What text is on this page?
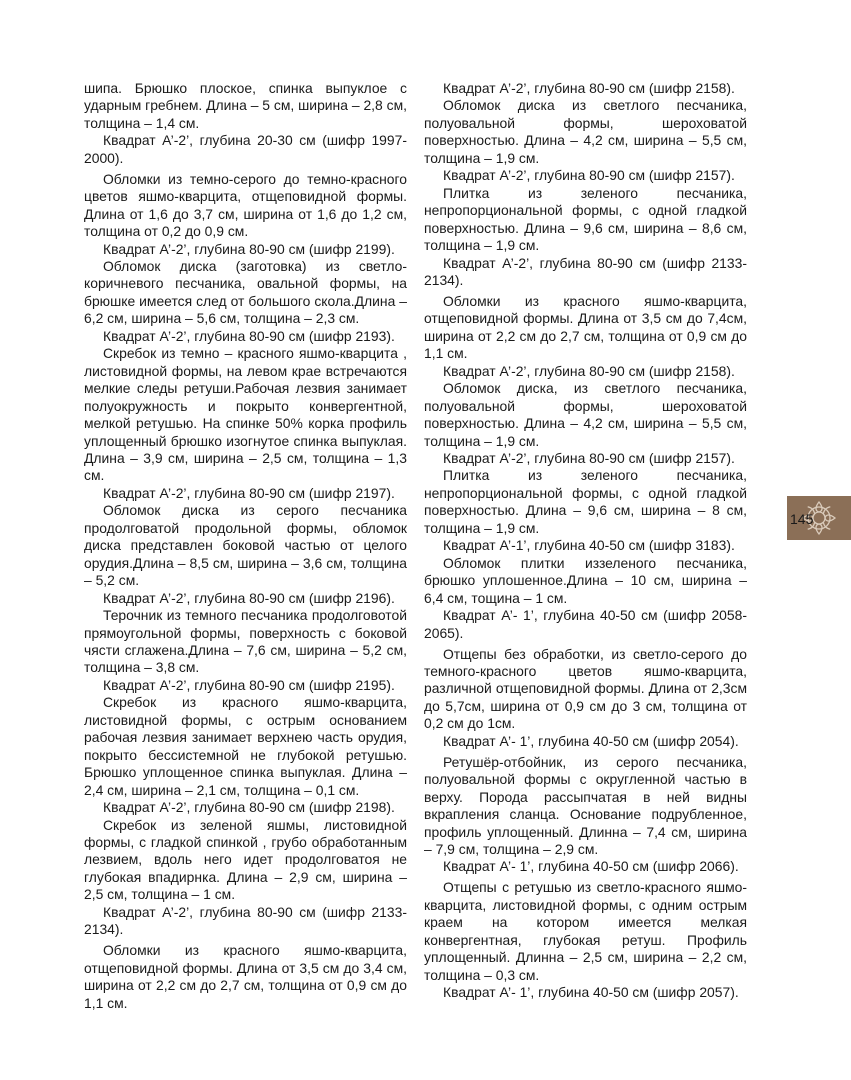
шипа. Брюшко плоское, спинка выпуклое с ударным гребнем. Длина – 5 см, ширина – 2,8 см, толщина – 1,4 см.

Квадрат А’-2’, глубина 20-30 см (шифр 1997-2000).

Обломки из темно-серого до темно-красного цветов яшмо-кварцита, отщеповидной формы. Длина от 1,6 до 3,7 см, ширина от 1,6 до 1,2 см, толщина от 0,2 до 0,9 см.

Квадрат А’-2’, глубина 80-90 см (шифр 2199).

Обломок диска (заготовка) из светло-коричневого песчаника, овальной формы, на брюшке имеется след от большого скола.Длина – 6,2 см, ширина – 5,6 см, толщина – 2,3 см.

Квадрат А’-2’, глубина 80-90 см (шифр 2193).

Скребок из темно – красного яшмо-кварцита , листовидной формы, на левом крае встречаются мелкие следы ретуши.Рабочая лезвия занимает полуокружность и покрыто конвергентной, мелкой ретушью. На спинке 50% корка профиль уплощенный брюшко изогнутое спинка выпуклая. Длина – 3,9 см, ширина – 2,5 см, толщина – 1,3 см.

Квадрат А’-2’, глубина 80-90 см (шифр 2197).

Обломок диска из серого песчаника продолговатой продольной формы, обломок диска представлен боковой частью от целого орудия.Длина – 8,5 см, ширина – 3,6 см, толщина – 5,2 см.

Квадрат А’-2’, глубина 80-90 см (шифр 2196).

Терочник из темного песчаника продолговотой прямоугольной формы, поверхность с боковой чясти сглажена.Длина – 7,6 см, ширина – 5,2 см, толщина – 3,8 см.

Квадрат А’-2’, глубина 80-90 см (шифр 2195).

Скребок из красного яшмо-кварцита, листовидной формы, с острым основанием рабочая лезвия занимает верхнею часть орудия, покрыто бессистемной не глубокой ретушью. Брюшко уплощенное спинка выпуклая. Длина – 2,4 см, ширина – 2,1 см, толщина – 0,1 см.

Квадрат А’-2’, глубина 80-90 см (шифр 2198).

Скребок из зеленой яшмы, листовидной формы, с гладкой спинкой , грубо обработанным лезвием, вдоль него идет продолговатоя не глубокая впадирнка. Длина – 2,9 см, ширина – 2,5 см, толщина – 1 см.

Квадрат А’-2’, глубина 80-90 см (шифр 2133-2134).

Обломки из красного яшмо-кварцита, отщеповидной формы. Длина от 3,5 см до 3,4 см, ширина от 2,2 см до 2,7 см, толщина от 0,9 см до 1,1 см.

Квадрат А’-2’, глубина 80-90 см (шифр 2158).

Обломок диска из светлого песчаника, полуовальной формы, шероховатой поверхностью. Длина – 4,2 см, ширина – 5,5 см, толщина – 1,9 см.

Квадрат А’-2’, глубина 80-90 см (шифр 2157).

Плитка из зеленого песчаника, непропорциональной формы, с одной гладкой поверхностью. Длина – 9,6 см, ширина – 8,6 см, толщина – 1,9 см.

Квадрат А’-2’, глубина 80-90 см (шифр 2133-2134).

Обломки из красного яшмо-кварцита, отщеповидной формы. Длина от 3,5 см до 7,4см, ширина от 2,2 см до 2,7 см, толщина от 0,9 см до 1,1 см.

Квадрат А’-2’, глубина 80-90 см (шифр 2158).

Обломок диска, из светлого песчаника, полуовальной формы, шероховатой поверхностью. Длина – 4,2 см, ширина – 5,5 см, толщина – 1,9 см.

Квадрат А’-2’, глубина 80-90 см (шифр 2157).

Плитка из зеленого песчаника, непропорциональной формы, с одной гладкой поверхностью. Длина – 9,6 см, ширина – 8 см, толщина – 1,9 см.

Квадрат А’-1’, глубина 40-50 см (шифр 3183).

Обломок плитки иззеленого песчаника, брюшко уплошенное.Длина – 10 см, ширина – 6,4 см, тощина – 1 см.

Квадрат А’- 1’, глубина 40-50 см (шифр 2058-2065).

Отщепы без обработки, из светло-серого до темного-красного цветов яшмо-кварцита, различной отщеповидной формы. Длина от 2,3см до 5,7см, ширина от 0,9 см до 3 см, толщина от 0,2 см до 1см.

Квадрат А’- 1’, глубина 40-50 см (шифр 2054).

Ретушёр-отбойник, из серого песчаника, полуовальной формы с округленной частью в верху. Порода рассыпчатая в ней видны вкрапления сланца. Основание подрубленное, профиль уплощенный. Длинна – 7,4 см, ширина – 7,9 см, толщина – 2,9 см.

Квадрат А’- 1’, глубина 40-50 см (шифр 2066).

Отщепы с ретушью из светло-красного яшмо-кварцита, листовидной формы, с одним острым краем на котором имеется мелкая конвергентная, глубокая ретуш. Профиль уплощенный. Длинна – 2,5 см, ширина – 2,2 см, толщина – 0,3 см.

Квадрат А’- 1’, глубина 40-50 см (шифр 2057).

145
